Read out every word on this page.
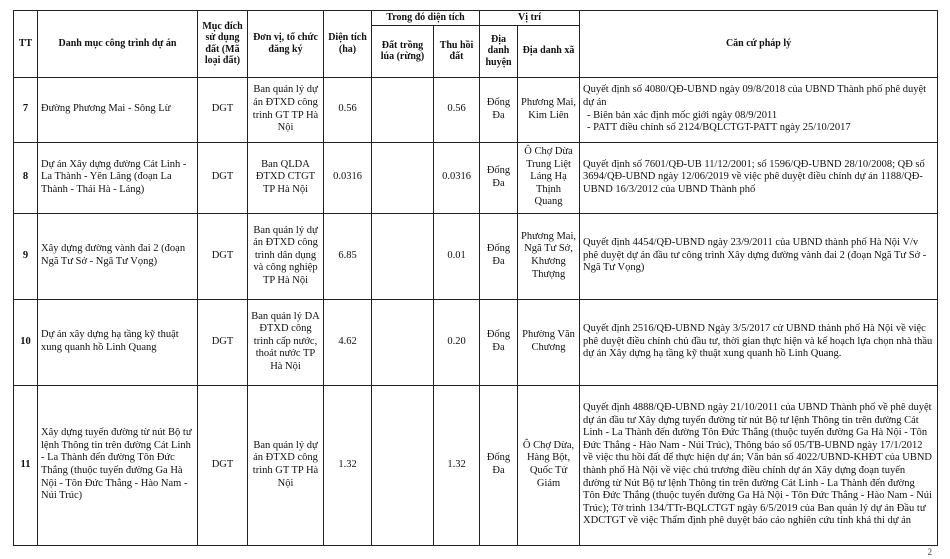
TT	Danh mục công trình dự án	Mục đích sử dụng đất (Mã loại đất)	Đơn vị, tổ chức đăng ký	Diện tích (ha)	Trong đó diện tích		Vị trí		Căn cứ pháp lý
					Đất trồng lúa (rừng)	Thu hồi đất	Địa danh huyện	Địa danh xã	
7	Đường Phương Mai - Sông Lừ	DGT	Ban quản lý dự án ĐTXD công trình GT TP Hà Nội	0.56		0.56	Đống Đa	Phương Mai, Kim Liên	Quyết định số 4080/QĐ-UBND ngày 09/8/2018 của UBND Thành phố phê duyệt dự án
- Biên bản xác định mốc giới ngày 08/9/2011
- PATT điều chỉnh số 2124/BQLCTGT-PATT ngày 25/10/2017

8	Dự án Xây dựng đường Cát Linh - La Thành - Yên Lãng (đoạn La Thành - Thái Hà - Láng)	DGT	Ban QLDA ĐTXD CTGT TP Hà Nội	0.0316		0.0316	Đống Đa	Ô Chợ Dừa Trung Liệt Láng Hạ Thịnh Quang	Quyết định số 7601/QĐ-UB 11/12/2001; số 1596/QĐ-UBND 28/10/2008; QĐ số 3694/QĐ-UBND ngày 12/06/2019 về việc phê duyệt điều chỉnh dự án 1188/QĐ-UBND 16/3/2012 của UBND Thành phố

9	Xây dựng đường vành đai 2 (đoạn Ngã Tư Sở - Ngã Tư Vọng)	DGT	Ban quản lý dự án ĐTXD công trình dân dụng và công nghiệp TP Hà Nội	6.85		0.01	Đống Đa	Phương Mai, Ngã Tư Sở, Khương Thượng	Quyết định 4454/QĐ-UBND ngày 23/9/2011 của UBND thành phố Hà Nội V/v phê duyệt dự án đầu tư công trình Xây dựng đường vành đai 2 (đoạn Ngã Tư Sở - Ngã Tư Vọng)

10	Dự án xây dựng hạ tầng kỹ thuật xung quanh hồ Linh Quang	DGT	Ban quản lý DA ĐTXD công trình cấp nước, thoát nước TP Hà Nội	4.62		0.20	Đống Đa	Phường Văn Chương	Quyết định 2516/QĐ-UBND Ngày 3/5/2017 cử UBND thành phố Hà Nội về việc phê duyệt điều chỉnh chủ đầu tư, thời gian thực hiện và kế hoạch lựa chọn nhà thầu dự án Xây dựng hạ tầng kỹ thuật xung quanh hồ Linh Quang.

11	Xây dựng tuyến đường từ nút Bộ tư lệnh Thông tin trên đường Cát Linh - La Thành đến đường Tôn Đức Thắng (thuộc tuyến đường Ga Hà Nội - Tôn Đức Thắng - Hào Nam - Núi Trúc)	DGT	Ban quản lý dự án ĐTXD công trình GT TP Hà Nội	1.32		1.32	Đống Đa	Ô Chợ Dừa, Hàng Bột, Quốc Tử Giám	Quyết định 4888/QĐ-UBND ngày 21/10/2011 của UBND Thành phố về phê duyệt dự án đầu tư Xây dựng tuyến đường từ nút Bộ tư lệnh Thông tin trên đường Cát Linh - La Thành đến đường Tôn Đức Thắng (thuộc tuyến đường Ga Hà Nội - Tôn Đức Thắng - Hào Nam - Núi Trúc), Thông báo số 05/TB-UBND ngày 17/1/2012 về việc thu hồi đất để thực hiện dự án; Văn bản số 4022/UBND-KHĐT của UBND thành phố Hà Nội về việc chủ trương điều chỉnh dự án Xây dựng đoạn tuyến đường từ Nút Bộ tư lệnh Thông tin trên đường Cát Linh - La Thành đến đường Tôn Đức Thắng (thuộc tuyến đường Ga Hà Nội - Tôn Đức Thắng - Hào Nam - Núi Trúc); Tờ trình 134/TTr-BQLCTGT ngày 6/5/2019 của Ban quản lý dự án Đầu tư XDCTGT về việc Thẩm định phê duyệt báo cáo nghiên cứu tính khả thi dự án
2
